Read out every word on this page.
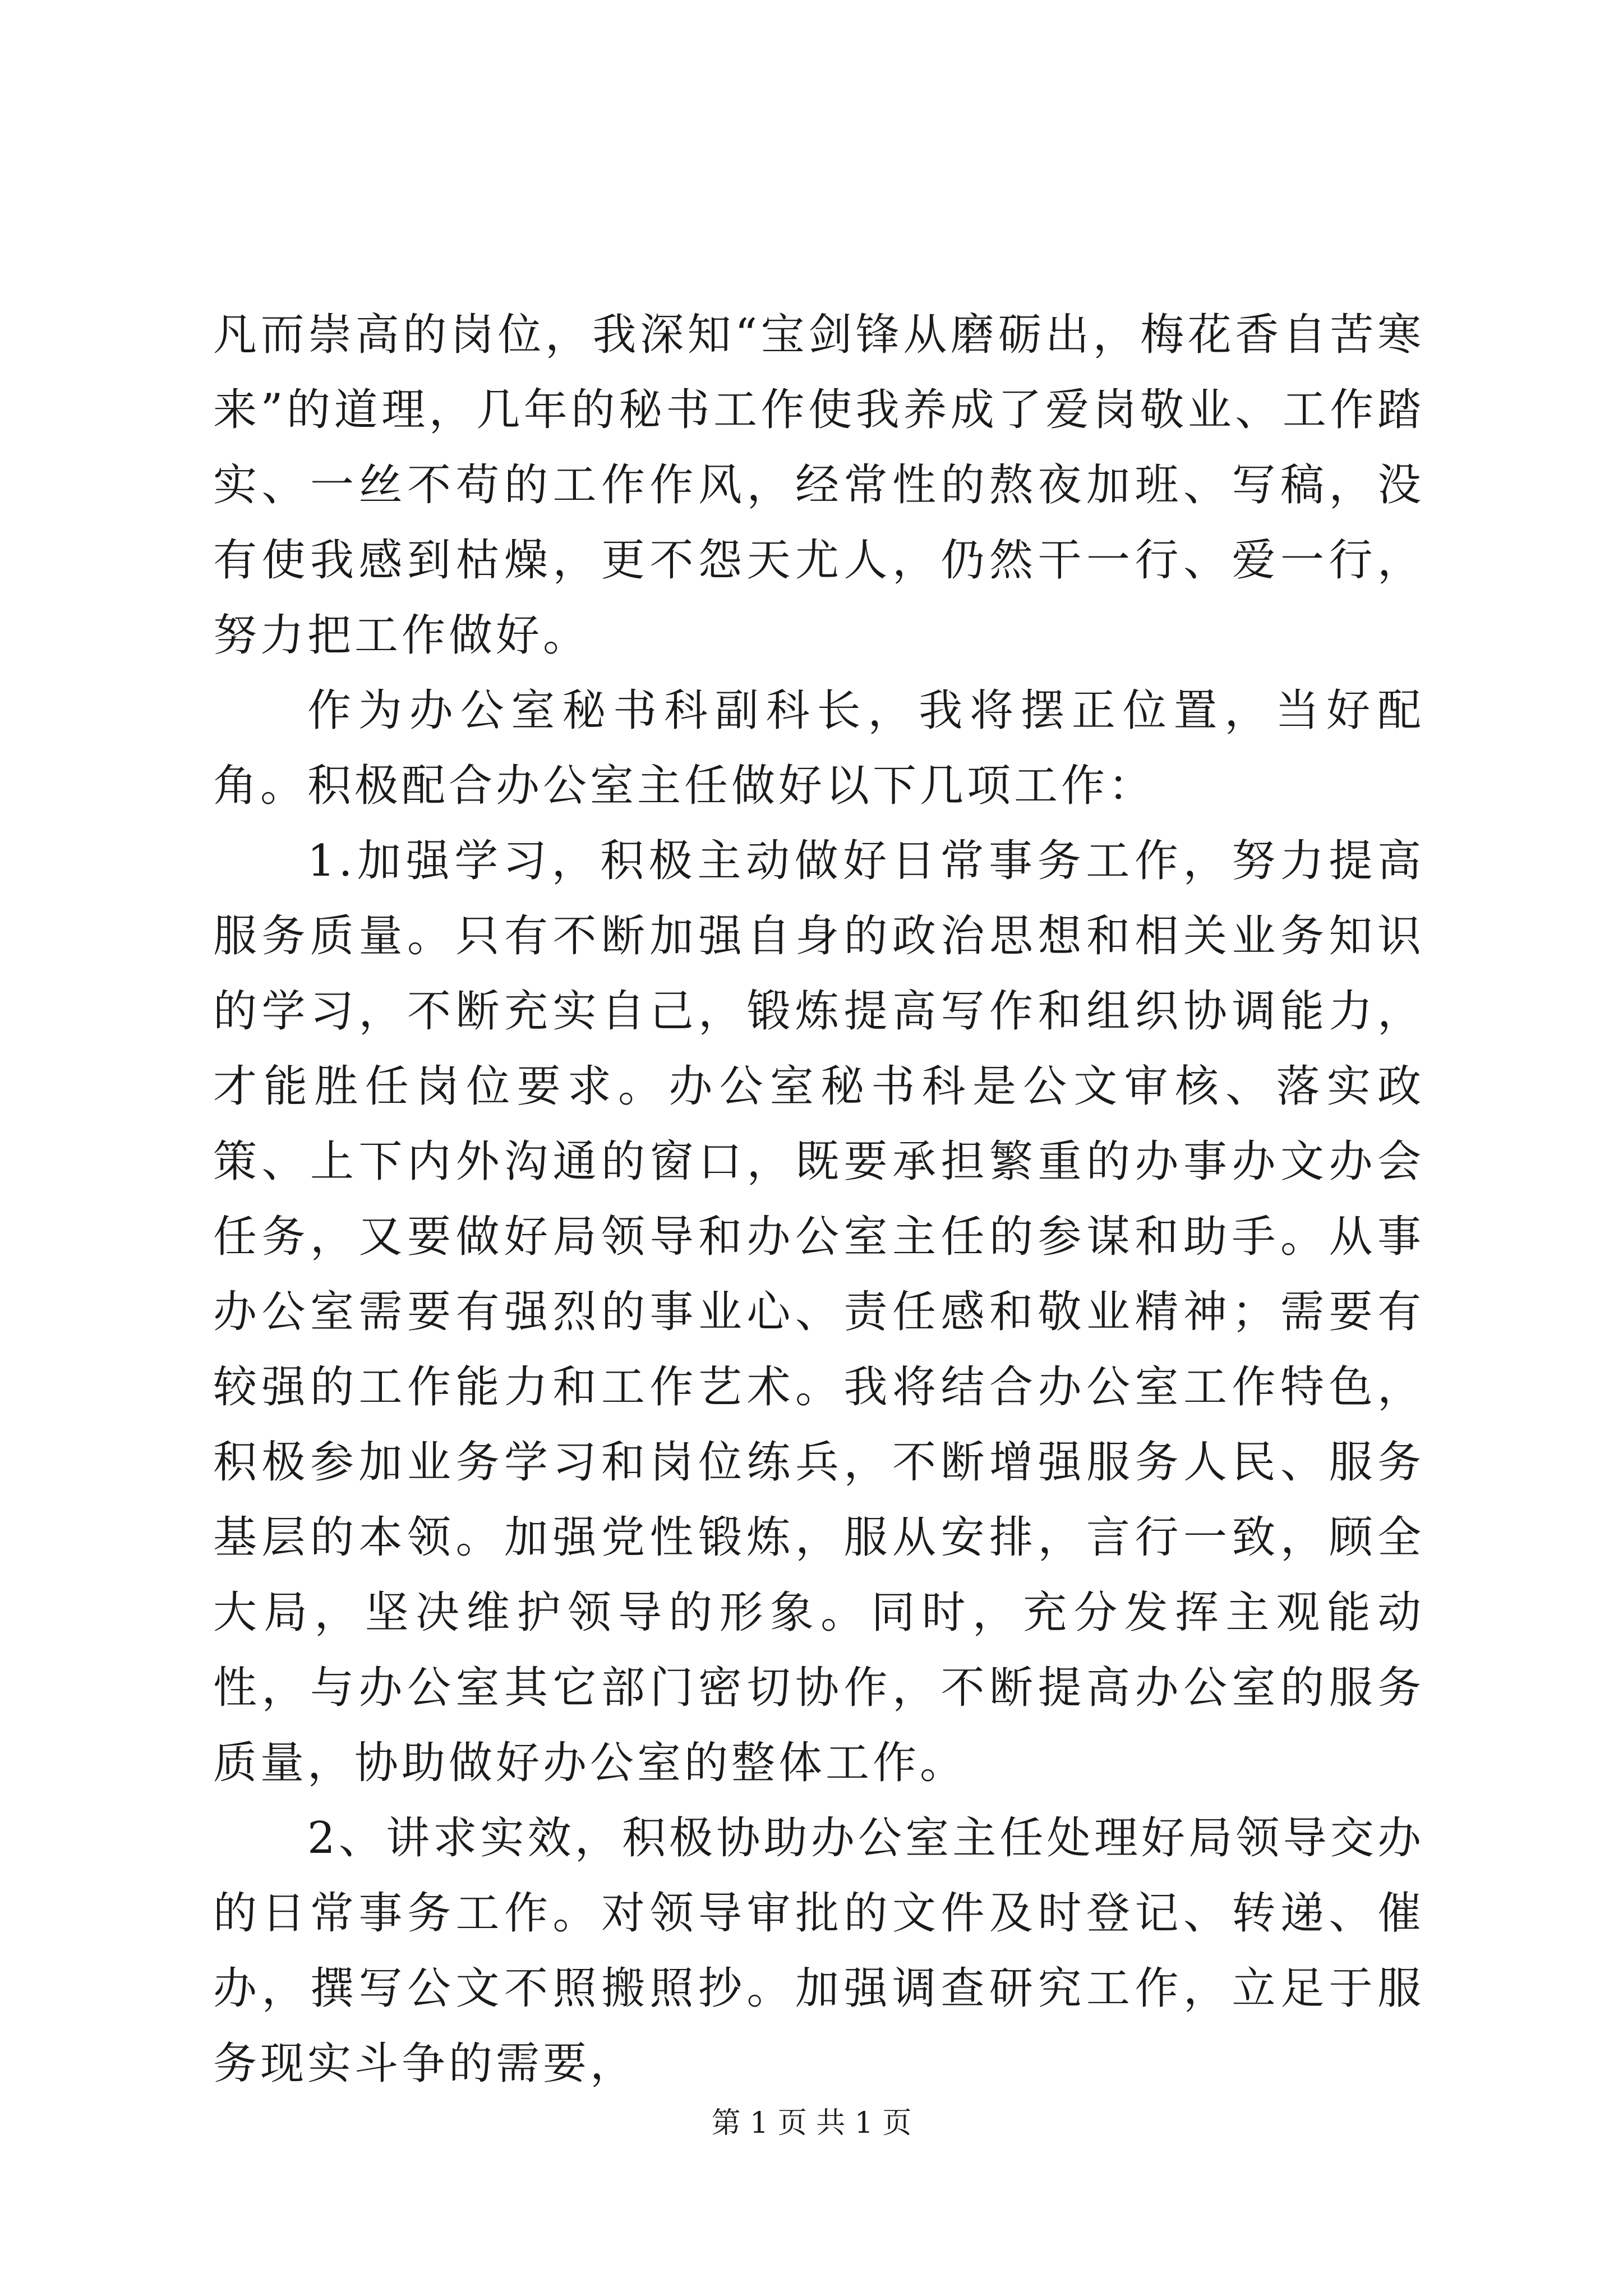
凡而崇高的岗位，我深知“宝剑锋从磨砺出，梅花香自苦寒来”的道理，几年的秘书工作使我养成了爱岗敬业、工作踏实、一丝不苟的工作作风，经常性的熬夜加班、写稿，没有使我感到枯燥，更不怨天尤人，仍然干一行、爱一行，努力把工作做好。

作为办公室秘书科副科长，我将摆正位置，当好配角。积极配合办公室主任做好以下几项工作：

1.加强学习，积极主动做好日常事务工作，努力提高服务质量。只有不断加强自身的政治思想和相关业务知识的学习，不断充实自己，锻炼提高写作和组织协调能力，才能胜任岗位要求。办公室秘书科是公文审核、落实政策、上下内外沟通的窗口，既要承担繁重的办事办文办会任务，又要做好局领导和办公室主任的参谋和助手。从事办公室需要有强烈的事业心、责任感和敬业精神；需要有较强的工作能力和工作艺术。我将结合办公室工作特色，积极参加业务学习和岗位练兵，不断增强服务人民、服务基层的本领。加强党性锻炼，服从安排，言行一致，顾全大局，坚决维护领导的形象。同时，充分发挥主观能动性，与办公室其它部门密切协作，不断提高办公室的服务质量，协助做好办公室的整体工作。

2、讲求实效，积极协助办公室主任处理好局领导交办的日常事务工作。对领导审批的文件及时登记、转递、催办，撰写公文不照搬照抄。加强调查研究工作，立足于服务现实斗争的需要，

第 1 页 共 1 页
